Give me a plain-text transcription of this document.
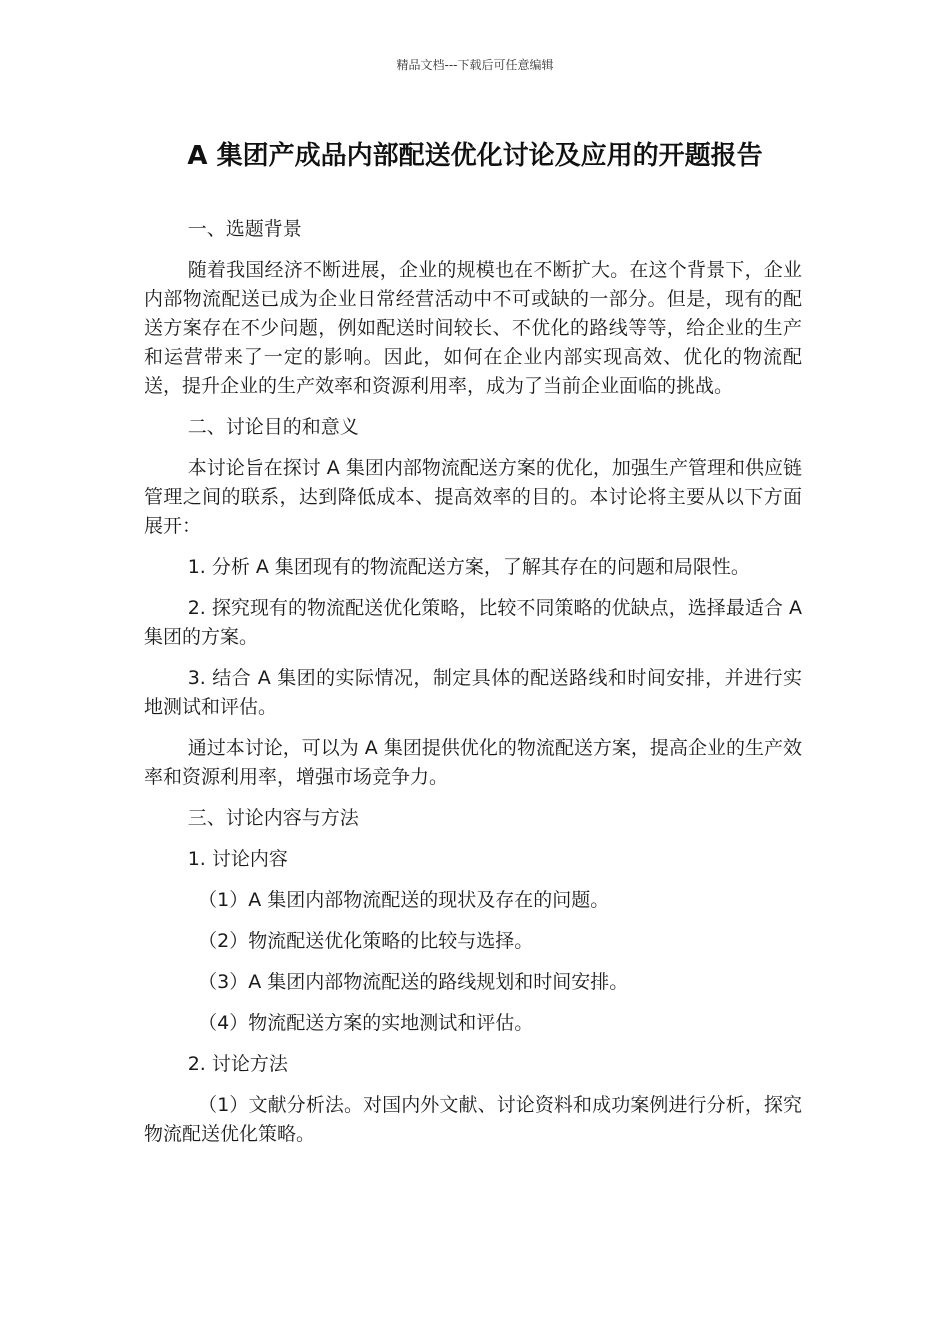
精品文档---下载后可任意编辑
A 集团产成品内部配送优化讨论及应用的开题报告

一、选题背景

随着我国经济不断进展，企业的规模也在不断扩大。在这个背景下，企业内部物流配送已成为企业日常经营活动中不可或缺的一部分。但是，现有的配送方案存在不少问题，例如配送时间较长、不优化的路线等等，给企业的生产和运营带来了一定的影响。因此，如何在企业内部实现高效、优化的物流配送，提升企业的生产效率和资源利用率，成为了当前企业面临的挑战。

二、讨论目的和意义

本讨论旨在探讨 A 集团内部物流配送方案的优化，加强生产管理和供应链管理之间的联系，达到降低成本、提高效率的目的。本讨论将主要从以下方面展开：

1. 分析 A 集团现有的物流配送方案，了解其存在的问题和局限性。

2. 探究现有的物流配送优化策略，比较不同策略的优缺点，选择最适合 A 集团的方案。

3. 结合 A 集团的实际情况，制定具体的配送路线和时间安排，并进行实地测试和评估。

通过本讨论，可以为 A 集团提供优化的物流配送方案，提高企业的生产效率和资源利用率，增强市场竞争力。

三、讨论内容与方法

1. 讨论内容

（1）A 集团内部物流配送的现状及存在的问题。

（2）物流配送优化策略的比较与选择。

（3）A 集团内部物流配送的路线规划和时间安排。

（4）物流配送方案的实地测试和评估。

2. 讨论方法

（1）文献分析法。对国内外文献、讨论资料和成功案例进行分析，探究物流配送优化策略。
